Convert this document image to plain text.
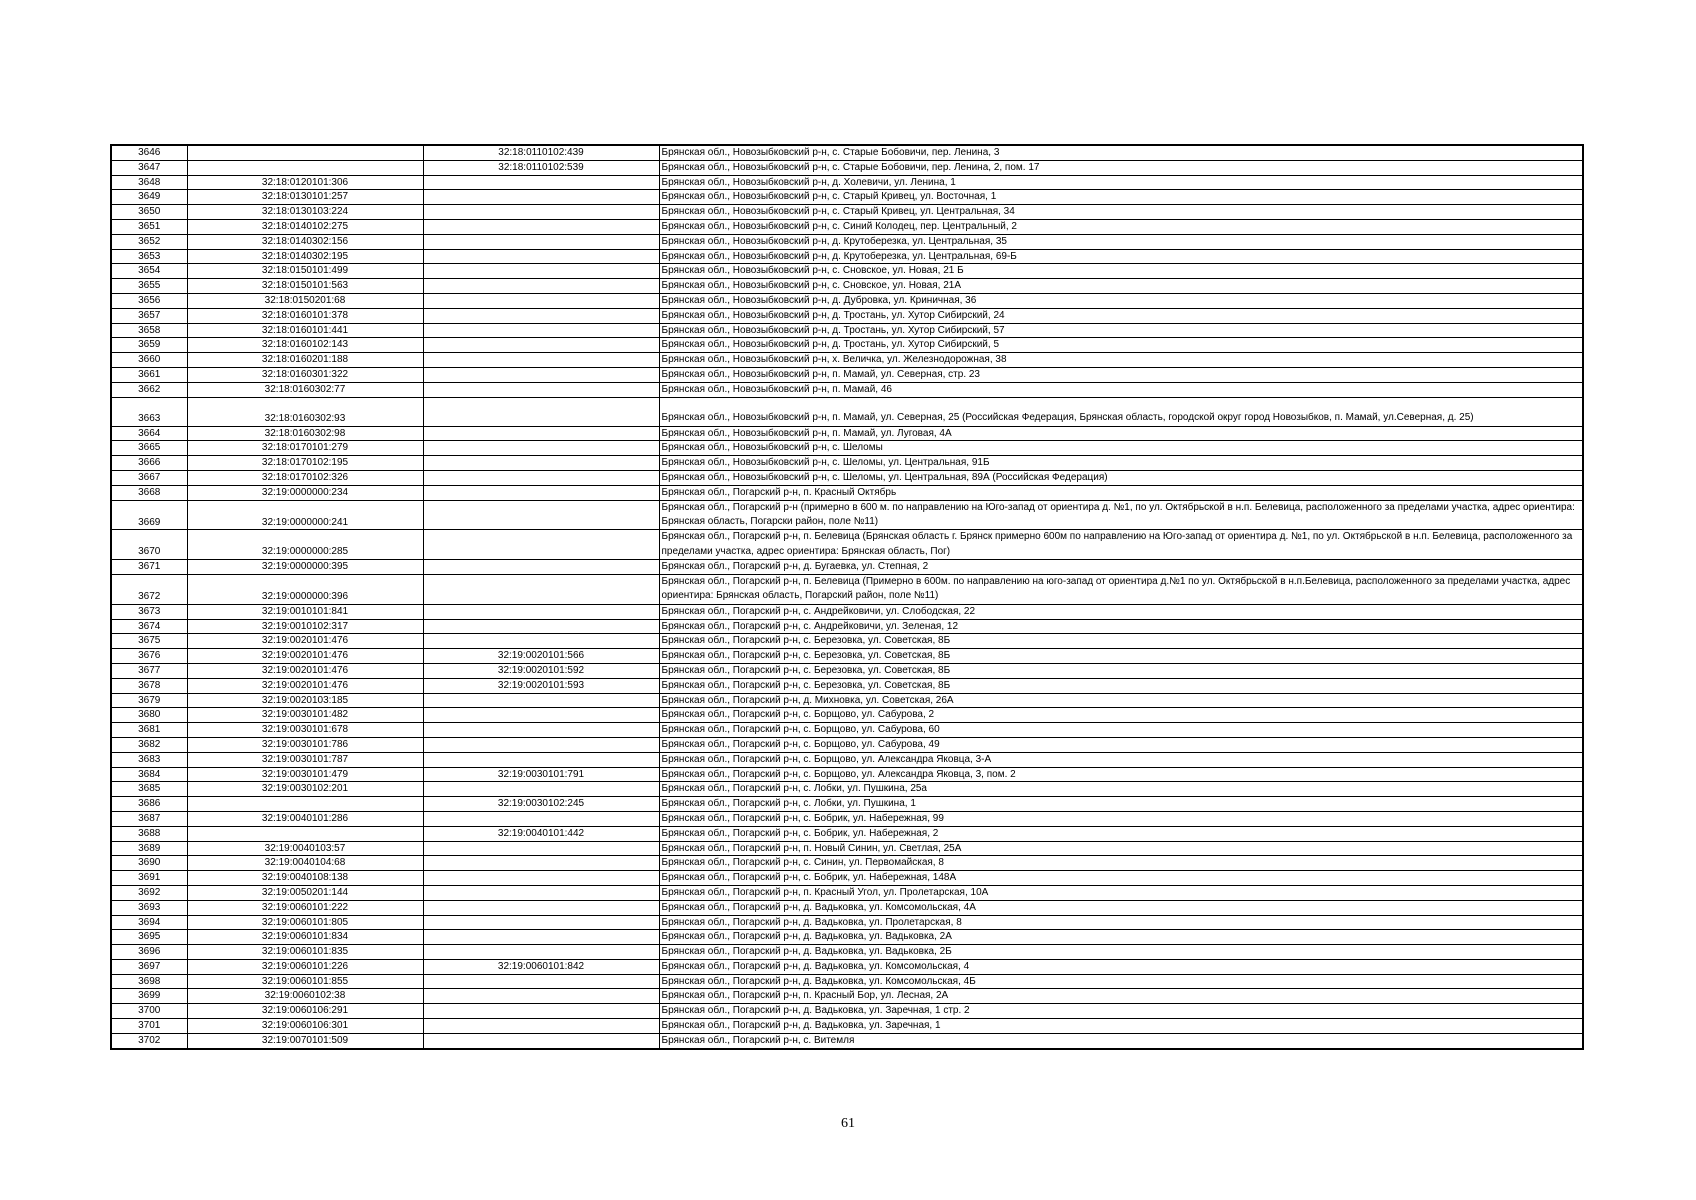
3646		32:18:0110102:439	Брянская обл., Новозыбковский р-н, с. Старые Бобовичи, пер. Ленина, 3
3647		32:18:0110102:539	Брянская обл., Новозыбковский р-н, с. Старые Бобовичи, пер. Ленина, 2, пом. 17
3648	32:18:0120101:306		Брянская обл., Новозыбковский р-н, д. Холевичи, ул. Ленина, 1
3649	32:18:0130101:257		Брянская обл., Новозыбковский р-н, с. Старый Кривец, ул. Восточная, 1
3650	32:18:0130103:224		Брянская обл., Новозыбковский р-н, с. Старый Кривец, ул. Центральная, 34
3651	32:18:0140102:275		Брянская обл., Новозыбковский р-н, с. Синий Колодец, пер. Центральный, 2
3652	32:18:0140302:156		Брянская обл., Новозыбковский р-н, д. Крутоберезка, ул. Центральная, 35
3653	32:18:0140302:195		Брянская обл., Новозыбковский р-н, д. Крутоберезка, ул. Центральная, 69-Б
3654	32:18:0150101:499		Брянская обл., Новозыбковский р-н, с. Сновское, ул. Новая, 21 Б
3655	32:18:0150101:563		Брянская обл., Новозыбковский р-н, с. Сновское, ул. Новая, 21А
3656	32:18:0150201:68		Брянская обл., Новозыбковский р-н, д. Дубровка, ул. Криничная, 36
3657	32:18:0160101:378		Брянская обл., Новозыбковский р-н, д. Тростань, ул. Хутор Сибирский, 24
3658	32:18:0160101:441		Брянская обл., Новозыбковский р-н, д. Тростань, ул. Хутор Сибирский, 57
3659	32:18:0160102:143		Брянская обл., Новозыбковский р-н, д. Тростань, ул. Хутор Сибирский, 5
3660	32:18:0160201:188		Брянская обл., Новозыбковский р-н, х. Величка, ул. Железнодорожная, 38
3661	32:18:0160301:322		Брянская обл., Новозыбковский р-н, п. Мамай, ул. Северная, стр. 23
3662	32:18:0160302:77		Брянская обл., Новозыбковский р-н, п. Мамай, 46
3663	32:18:0160302:93		Брянская обл., Новозыбковский р-н, п. Мамай, ул. Северная, 25 (Российская Федерация, Брянская область, городской округ город Новозыбков, п. Мамай, ул.Северная, д. 25)
3664	32:18:0160302:98		Брянская обл., Новозыбковский р-н, п. Мамай, ул. Луговая, 4А
3665	32:18:0170101:279		Брянская обл., Новозыбковский р-н, с. Шеломы
3666	32:18:0170102:195		Брянская обл., Новозыбковский р-н, с. Шеломы, ул. Центральная, 91Б
3667	32:18:0170102:326		Брянская обл., Новозыбковский р-н, с. Шеломы, ул. Центральная, 89А (Российская Федерация)
3668	32:19:0000000:234		Брянская обл., Погарский р-н, п. Красный Октябрь
3669	32:19:0000000:241		Брянская обл., Погарский р-н (примерно в 600 м. по направлению на Юго-запад от ориентира д. №1, по ул. Октябрьской в н.п. Белевица, расположенного за пределами участка, адрес ориентира: Брянская область, Погарски район, поле №11)
3670	32:19:0000000:285		Брянская обл., Погарский р-н, п. Белевица (Брянская область г. Брянск примерно 600м по направлению на Юго-запад от ориентира д. №1, по ул. Октябрьской в н.п. Белевица, расположенного за пределами участка, адрес ориентира: Брянская область, Пог)
3671	32:19:0000000:395		Брянская обл., Погарский р-н, д. Бугаевка, ул. Степная, 2
3672	32:19:0000000:396		Брянская обл., Погарский р-н, п. Белевица (Примерно в 600м. по направлению на юго-запад от ориентира д.№1 по ул. Октябрьской в н.п.Белевица, расположенного за пределами участка, адрес ориентира: Брянская область, Погарский район, поле №11)
3673	32:19:0010101:841		Брянская обл., Погарский р-н, с. Андрейковичи, ул. Слободская, 22
3674	32:19:0010102:317		Брянская обл., Погарский р-н, с. Андрейковичи, ул. Зеленая, 12
3675	32:19:0020101:476		Брянская обл., Погарский р-н, с. Березовка, ул. Советская, 8Б
3676	32:19:0020101:476	32:19:0020101:566	Брянская обл., Погарский р-н, с. Березовка, ул. Советская, 8Б
3677	32:19:0020101:476	32:19:0020101:592	Брянская обл., Погарский р-н, с. Березовка, ул. Советская, 8Б
3678	32:19:0020101:476	32:19:0020101:593	Брянская обл., Погарский р-н, с. Березовка, ул. Советская, 8Б
3679	32:19:0020103:185		Брянская обл., Погарский р-н, д. Михновка, ул. Советская, 26А
3680	32:19:0030101:482		Брянская обл., Погарский р-н, с. Борщово, ул. Сабурова, 2
3681	32:19:0030101:678		Брянская обл., Погарский р-н, с. Борщово, ул. Сабурова, 60
3682	32:19:0030101:786		Брянская обл., Погарский р-н, с. Борщово, ул. Сабурова, 49
3683	32:19:0030101:787		Брянская обл., Погарский р-н, с. Борщово, ул. Александра Яковца, 3-А
3684	32:19:0030101:479	32:19:0030101:791	Брянская обл., Погарский р-н, с. Борщово, ул. Александра Яковца, 3, пом. 2
3685	32:19:0030102:201		Брянская обл., Погарский р-н, с. Лобки, ул. Пушкина, 25а
3686		32:19:0030102:245	Брянская обл., Погарский р-н, с. Лобки, ул. Пушкина, 1
3687	32:19:0040101:286		Брянская обл., Погарский р-н, с. Бобрик, ул. Набережная, 99
3688		32:19:0040101:442	Брянская обл., Погарский р-н, с. Бобрик, ул. Набережная, 2
3689	32:19:0040103:57		Брянская обл., Погарский р-н, п. Новый Синин, ул. Светлая, 25А
3690	32:19:0040104:68		Брянская обл., Погарский р-н, с. Синин, ул. Первомайская, 8
3691	32:19:0040108:138		Брянская обл., Погарский р-н, с. Бобрик, ул. Набережная, 148А
3692	32:19:0050201:144		Брянская обл., Погарский р-н, п. Красный Угол, ул. Пролетарская, 10А
3693	32:19:0060101:222		Брянская обл., Погарский р-н, д. Вадьковка, ул. Комсомольская, 4А
3694	32:19:0060101:805		Брянская обл., Погарский р-н, д. Вадьковка, ул. Пролетарская, 8
3695	32:19:0060101:834		Брянская обл., Погарский р-н, д. Вадьковка, ул. Вадьковка, 2А
3696	32:19:0060101:835		Брянская обл., Погарский р-н, д. Вадьковка, ул. Вадьковка, 2Б
3697	32:19:0060101:226	32:19:0060101:842	Брянская обл., Погарский р-н, д. Вадьковка, ул. Комсомольская, 4
3698	32:19:0060101:855		Брянская обл., Погарский р-н, д. Вадьковка, ул. Комсомольская, 4Б
3699	32:19:0060102:38		Брянская обл., Погарский р-н, п. Красный Бор, ул. Лесная, 2А
3700	32:19:0060106:291		Брянская обл., Погарский р-н, д. Вадьковка, ул. Заречная, 1 стр. 2
3701	32:19:0060106:301		Брянская обл., Погарский р-н, д. Вадьковка, ул. Заречная, 1
3702	32:19:0070101:509		Брянская обл., Погарский р-н, с. Витемля
61
